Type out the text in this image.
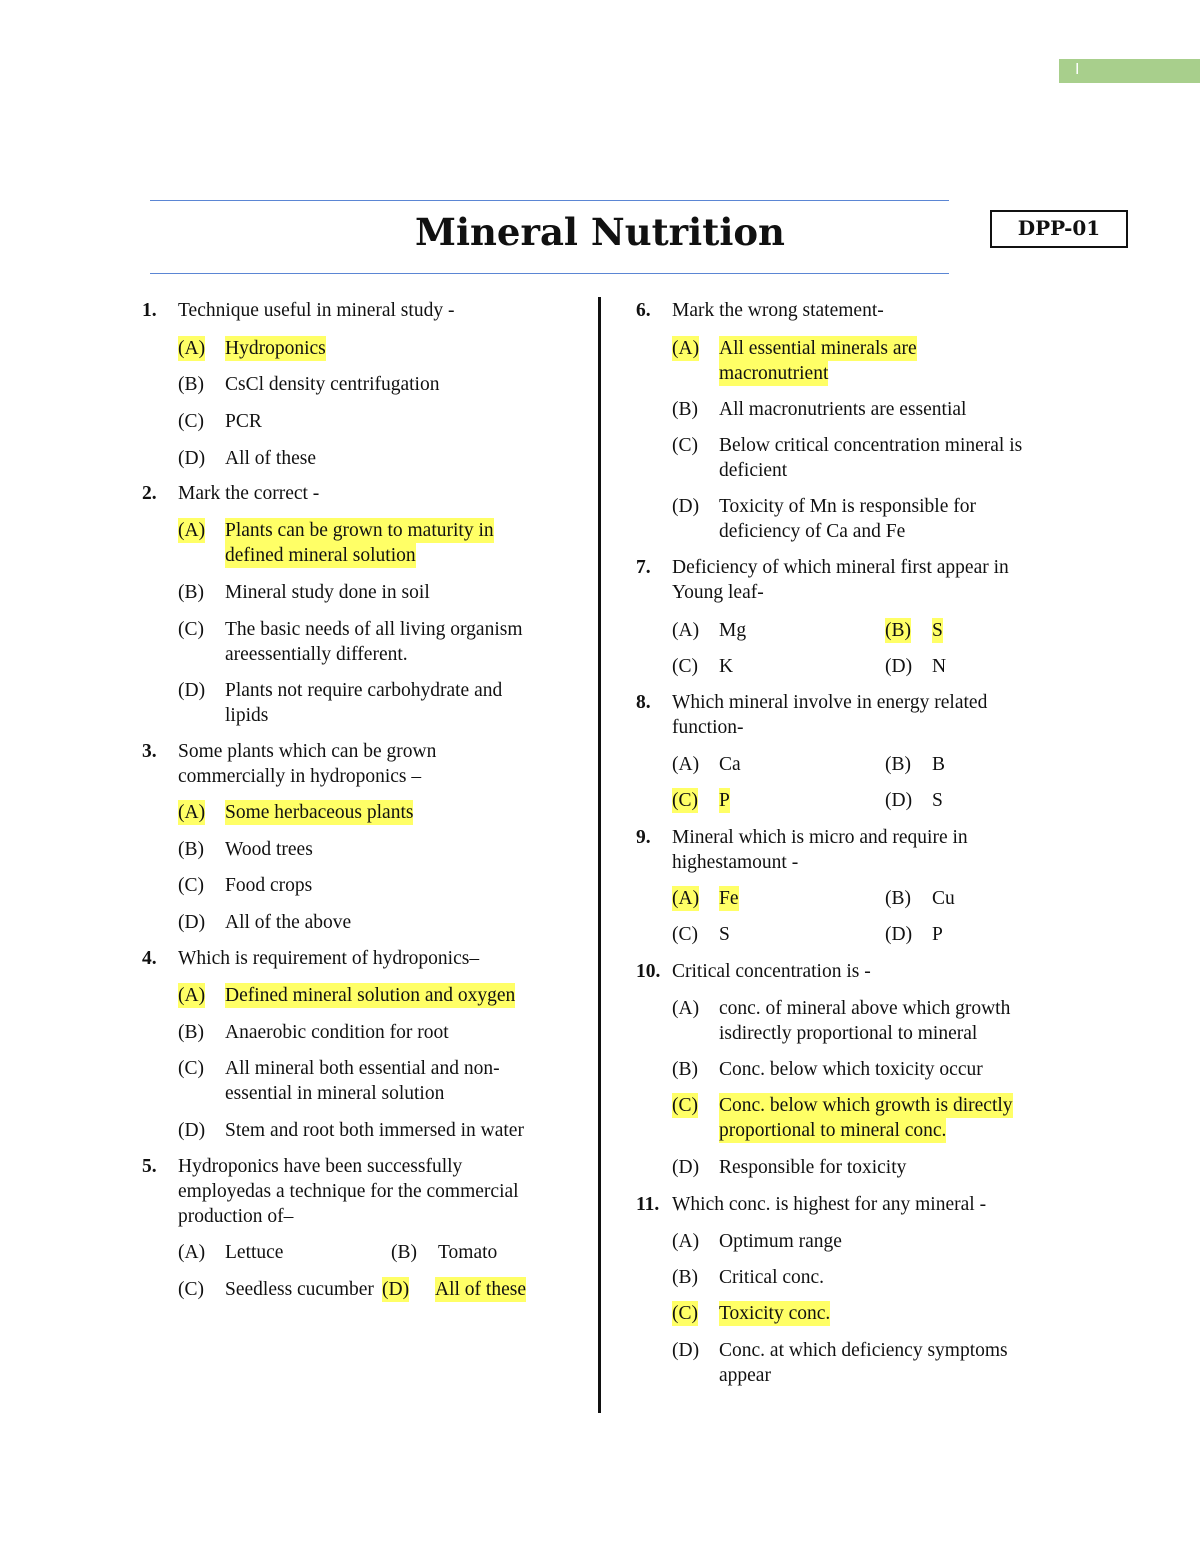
I
Mineral Nutrition	DPP-01
1. Technique useful in mineral study -
(A) Hydroponics
(B) CsCl density centrifugation
(C) PCR
(D) All of these
2. Mark the correct -
(A) Plants can be grown to maturity in
defined mineral solution
(B) Mineral study done in soil
(C) The basic needs of all living organism
areessentially different.
(D) Plants not require carbohydrate and
lipids
3. Some plants which can be grown
commercially in hydroponics –
(A) Some herbaceous plants
(B) Wood trees
(C) Food crops
(D) All of the above
4. Which is requirement of hydroponics–
(A) Defined mineral solution and oxygen
(B) Anaerobic condition for root
(C) All mineral both essential and non-
essential in mineral solution
(D) Stem and root both immersed in water
5. Hydroponics have been successfully
employedas a technique for the commercial
production of–
(A) Lettuce	(B) Tomato
(C) Seedless cucumber (D) All of these
6. Mark the wrong statement-
(A) All essential minerals are
macronutrient
(B) All macronutrients are essential
(C) Below critical concentration mineral is
deficient
(D) Toxicity of Mn is responsible for
deficiency of Ca and Fe
7. Deficiency of which mineral first appear in
Young leaf-
(A) Mg	(B) S
(C) K	(D) N
8. Which mineral involve in energy related
function-
(A) Ca	(B) B
(C) P	(D) S
9. Mineral which is micro and require in
highestamount -
(A) Fe	(B) Cu
(C) S	(D) P
10. Critical concentration is -
(A) conc. of mineral above which growth
isdirectly proportional to mineral
(B) Conc. below which toxicity occur
(C) Conc. below which growth is directly
proportional to mineral conc.
(D) Responsible for toxicity
11. Which conc. is highest for any mineral -
(A) Optimum range
(B) Critical conc.
(C) Toxicity conc.
(D) Conc. at which deficiency symptoms
appear
